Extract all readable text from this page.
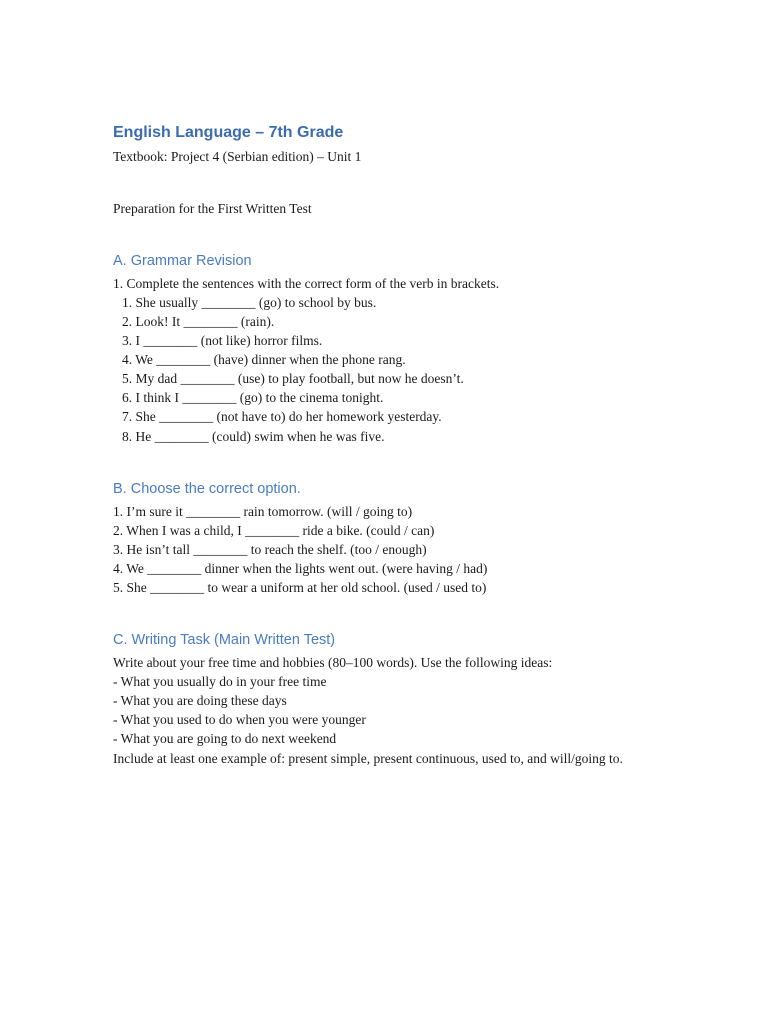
English Language – 7th Grade
Textbook: Project 4 (Serbian edition) – Unit 1
Preparation for the First Written Test
A. Grammar Revision
1. Complete the sentences with the correct form of the verb in brackets.
1. She usually ________ (go) to school by bus.
2. Look! It ________ (rain).
3. I ________ (not like) horror films.
4. We ________ (have) dinner when the phone rang.
5. My dad ________ (use) to play football, but now he doesn’t.
6. I think I ________ (go) to the cinema tonight.
7. She ________ (not have to) do her homework yesterday.
8. He ________ (could) swim when he was five.
B. Choose the correct option.
1. I’m sure it ________ rain tomorrow. (will / going to)
2. When I was a child, I ________ ride a bike. (could / can)
3. He isn’t tall ________ to reach the shelf. (too / enough)
4. We ________ dinner when the lights went out. (were having / had)
5. She ________ to wear a uniform at her old school. (used / used to)
C. Writing Task (Main Written Test)
Write about your free time and hobbies (80–100 words). Use the following ideas:
- What you usually do in your free time
- What you are doing these days
- What you used to do when you were younger
- What you are going to do next weekend
Include at least one example of: present simple, present continuous, used to, and will/going to.
